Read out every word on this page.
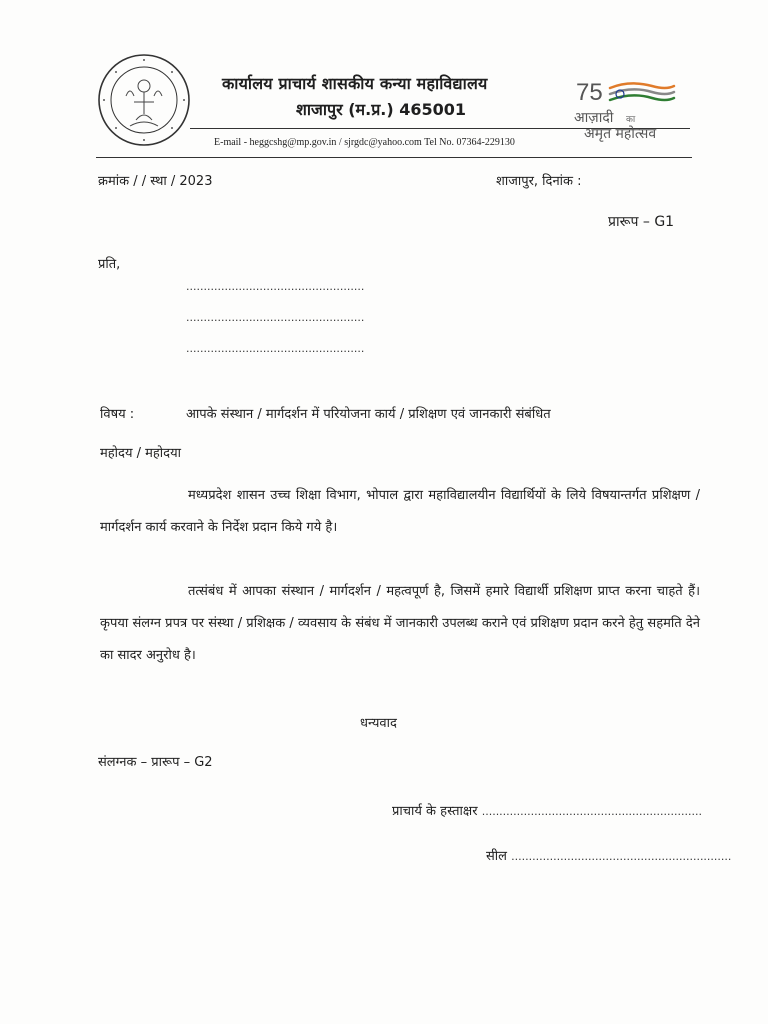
कार्यालय प्राचार्य शासकीय कन्या महाविद्यालय
शाजापुर (म.प्र.) 465001
E-mail - heggcshg@mp.gov.in / sjrgdc@yahoo.com Tel No. 07364-229130
75
आज़ादी का
अमृत महोत्सव
क्रमांक / / स्था / 2023	शाजापुर, दिनांक :
प्रारूप – G1
प्रति,
...................................................
...................................................
...................................................
विषय :	आपके संस्थान / मार्गदर्शन में परियोजना कार्य / प्रशिक्षण एवं जानकारी संबंधित
महोदय / महोदया
मध्यप्रदेश शासन उच्च शिक्षा विभाग, भोपाल द्वारा महाविद्यालयीन विद्यार्थियों के लिये विषयान्तर्गत प्रशिक्षण / मार्गदर्शन कार्य करवाने के निर्देश प्रदान किये गये है।
तत्संबंध में आपका संस्थान / मार्गदर्शन / महत्वपूर्ण है, जिसमें हमारे विद्यार्थी प्रशिक्षण प्राप्त करना चाहते हैं। कृपया संलग्न प्रपत्र पर संस्था / प्रशिक्षक / व्यवसाय के संबंध में जानकारी उपलब्ध कराने एवं प्रशिक्षण प्रदान करने हेतु सहमति देने का सादर अनुरोध है।
धन्यवाद
संलग्नक – प्रारूप – G2
प्राचार्य के हस्ताक्षर ...............................................................
सील ...............................................................
